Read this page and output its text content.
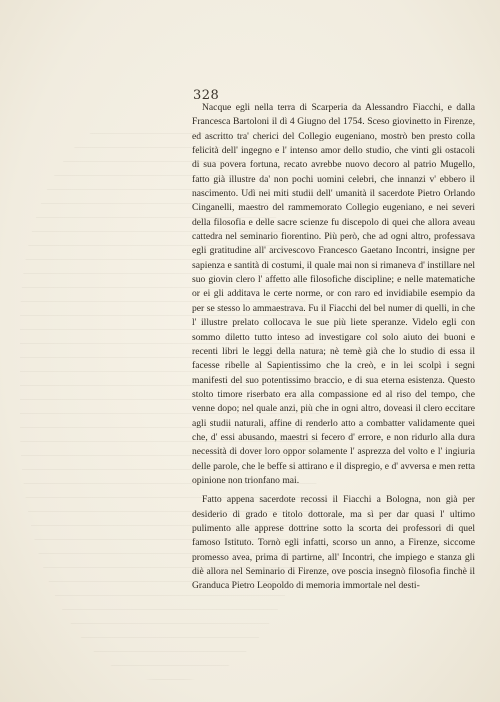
328

Nacque egli nella terra di Scarperia da Alessandro Fiacchi, e dalla Francesca Bartoloni il dì 4 Giugno del 1754. Sceso giovinetto in Firenze, ed ascritto tra' cherici del Collegio eugeniano, mostrò ben presto colla felicità dell' ingegno e l' intenso amor dello studio, che vinti gli ostacoli di sua povera fortuna, recato avrebbe nuovo decoro al patrio Mugello, fatto già illustre da' non pochi uomini celebri, che innanzi v' ebbero il nascimento. Udì nei miti studii dell' umanità il sacerdote Pietro Orlando Cinganelli, maestro del rammemorato Collegio eugeniano, e nei severi della filosofia e delle sacre scienze fu discepolo di quei che allora aveau cattedra nel seminario fiorentino. Più però, che ad ogni altro, professava egli gratitudine all' arcivescovo Francesco Gaetano Incontri, insigne per sapienza e santità di costumi, il quale mai non si rimaneva d' instillare nel suo giovin clero l' affetto alle filosofiche discipline; e nelle matematiche or ei gli additava le certe norme, or con raro ed invidiabile esempio da per se stesso lo ammaestrava. Fu il Fiacchi del bel numer di quelli, in che l' illustre prelato collocava le sue più liete speranze. Videlo egli con sommo diletto tutto inteso ad investigare col solo aiuto dei buoni e recenti libri le leggi della natura; nè temè già che lo studio di essa il facesse ribelle al Sapientissimo che la creò, e in lei scolpì i segni manifesti del suo potentissimo braccio, e di sua eterna esistenza. Questo stolto timore riserbato era alla compassione ed al riso del tempo, che venne dopo; nel quale anzi, più che in ogni altro, doveasi il clero eccitare agli studii naturali, affine di renderlo atto a combatter validamente quei che, d' essi abusando, maestri si fecero d' errore, e non ridurlo alla dura necessità di dover loro oppor solamente l' asprezza del volto e l' ingiuria delle parole, che le beffe si attirano e il dispregio, e d' avversa e men retta opinione non trionfano mai.

Fatto appena sacerdote recossi il Fiacchi a Bologna, non già per desiderio di grado e titolo dottorale, ma sì per dar quasi l' ultimo pulimento alle apprese dottrine sotto la scorta dei professori di quel famoso Istituto. Tornò egli infatti, scorso un anno, a Firenze, siccome promesso avea, prima di partirne, all' Incontri, che impiego e stanza gli diè allora nel Seminario di Firenze, ove poscia insegnò filosofia finchè il Granduca Pietro Leopoldo di memoria immortale nel desti-
